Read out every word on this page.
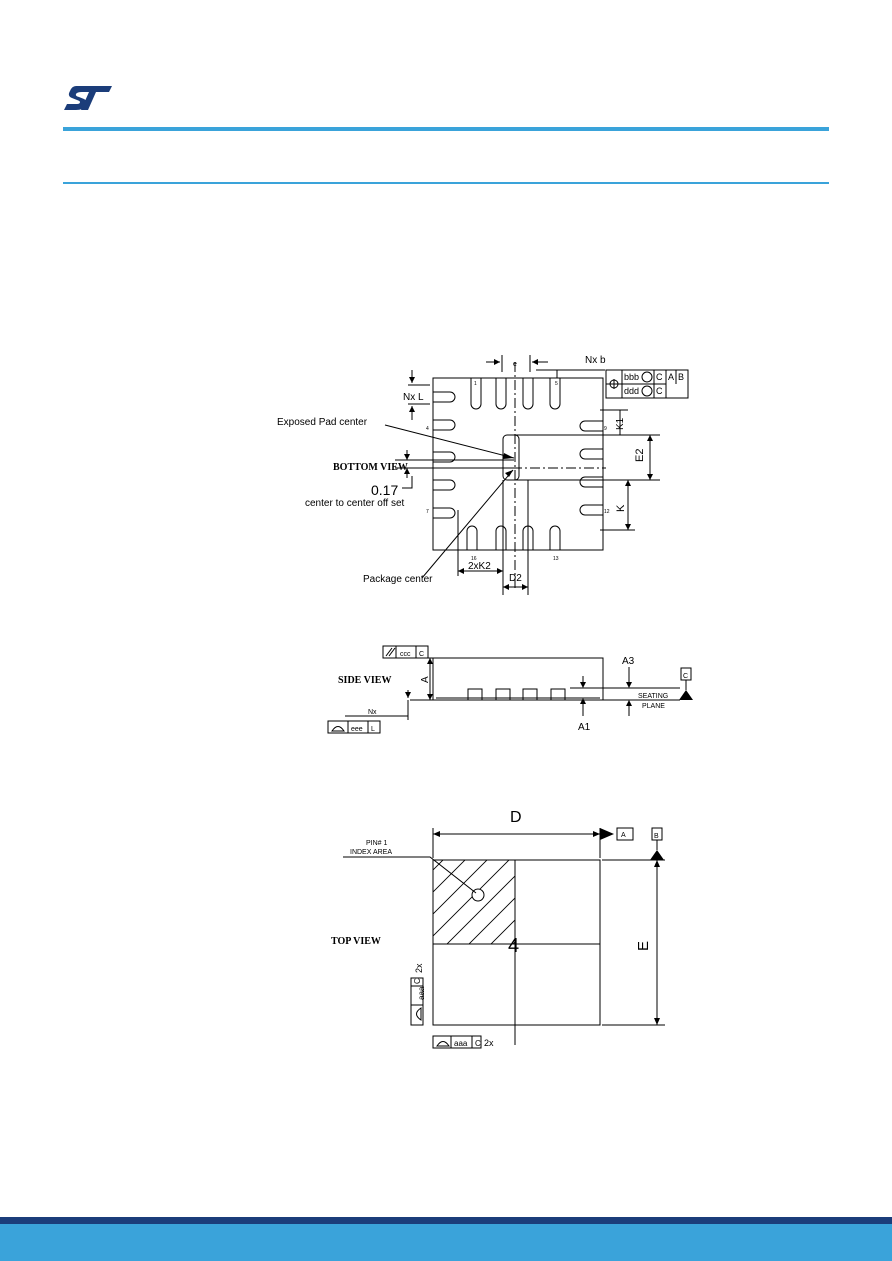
Exposed Pad center
BOTTOM VIEW
0.17
center to center off set
Package center
Nx b
Nx L
bbb
ddd
C
C
A B
K1
E2
K
D2
2xK2
e
1
4
5
7
9
12
13
16
SIDE VIEW
ccc C
A
A3
A1
SEATING
PLANE
Nx
eee L
C
D
E
PIN# 1
INDEX AREA
TOP VIEW
A	B
aaa C 2x
aaa
C
2x
4
